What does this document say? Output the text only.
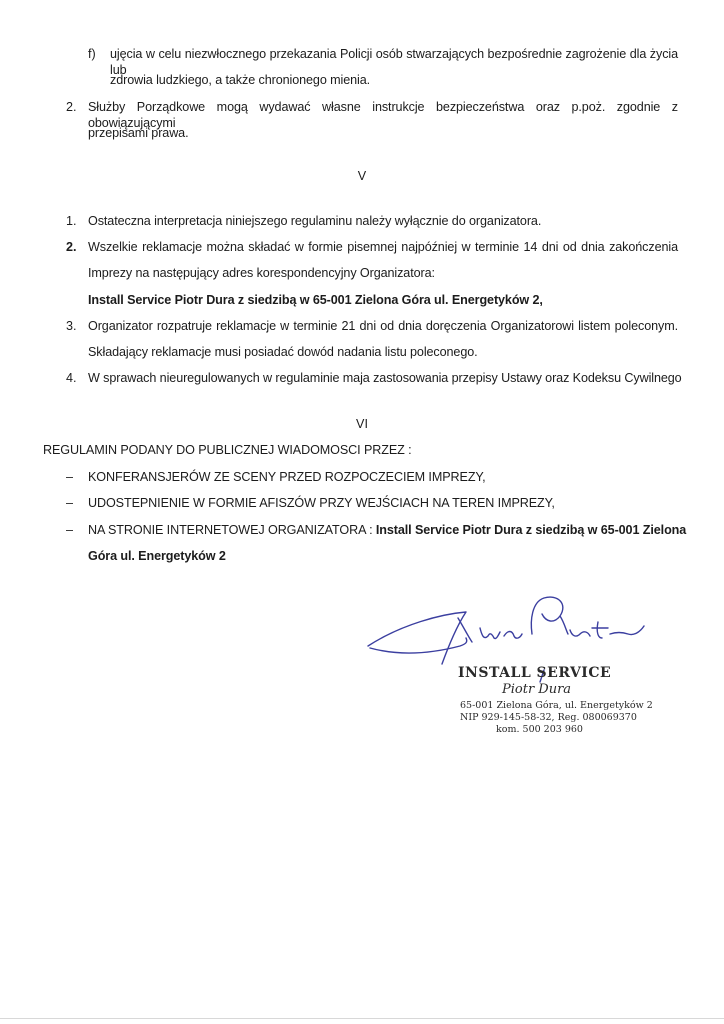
f) ujęcia w celu niezwłocznego przekazania Policji osób stwarzających bezpośrednie zagrożenie dla życia lub
zdrowia ludzkiego, a także chronionego mienia.
2. Służby Porządkowe mogą wydawać własne instrukcje bezpieczeństwa oraz p.poż. zgodnie z obowiązującymi
przepisami prawa.
V
1. Ostateczna interpretacja niniejszego regulaminu należy wyłącznie do organizatora.
2. Wszelkie reklamacje można składać w formie pisemnej najpóźniej w terminie 14 dni od dnia zakończenia
Imprezy na następujący adres korespondencyjny Organizatora:
Install Service Piotr Dura z siedzibą w 65-001 Zielona Góra ul. Energetyków 2,
3. Organizator rozpatruje reklamacje w terminie 21 dni od dnia doręczenia Organizatorowi listem poleconym.
Składający reklamacje musi posiadać dowód nadania listu poleconego.
4. W sprawach nieuregulowanych w regulaminie maja zastosowania przepisy Ustawy oraz Kodeksu Cywilnego
VI
REGULAMIN PODANY DO PUBLICZNEJ WIADOMOSCI PRZEZ :
– KONFERANSJERÓW ZE SCENY PRZED ROZPOCZECIEM IMPREZY,
– UDOSTEPNIENIE W FORMIE AFISZÓW PRZY WEJŚCIACH NA TEREN IMPREZY,
– NA STRONIE INTERNETOWEJ ORGANIZATORA : Install Service Piotr Dura z siedzibą w 65-001 Zielona
Góra ul. Energetyków 2
INSTALL SERVICE
Piotr Dura
65-001 Zielona Góra, ul. Energetyków 2
NIP 929-145-58-32, Reg. 080069370
kom. 500 203 960
